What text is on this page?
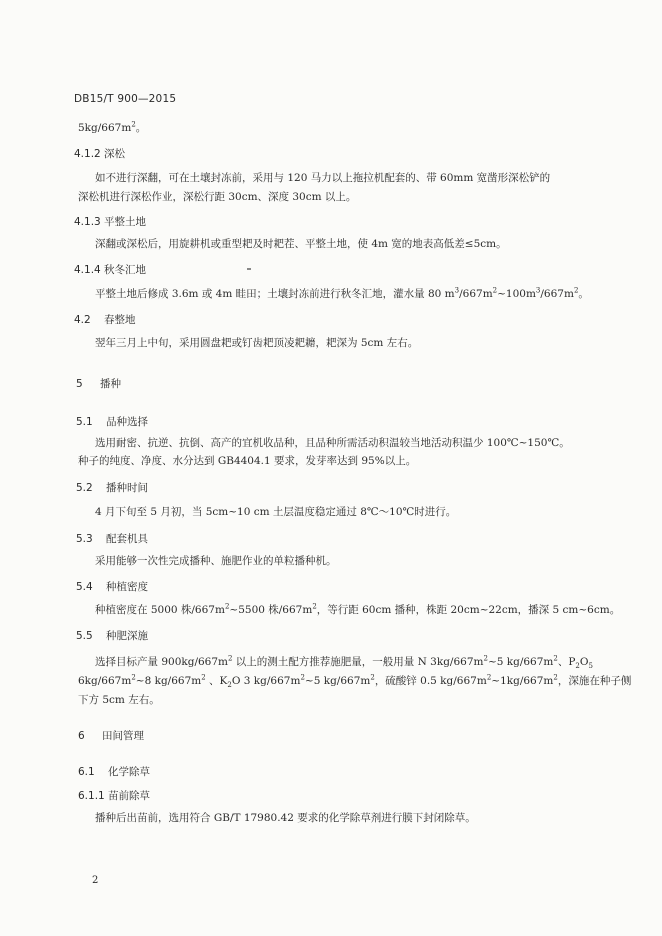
DB15/T 900—2015
$5kg/667m^2$。
4.1.2 深松
如不进行深翻，可在土壤封冻前，采用与 120 马力以上拖拉机配套的、带 60mm 宽凿形深松铲的
深松机进行深松作业，深松行距 30cm、深度 30cm 以上。
4.1.3 平整土地
深翻或深松后，用旋耕机或重型耙及时耙茬、平整土地，使 4m 宽的地表高低差≤5cm。
4.1.4 秋冬汇地
平整土地后修成 3.6m 或 4m 畦田；土壤封冻前进行秋冬汇地，灌水量 80 $m^3/667m^2\sim 100m^3/667m^2$。
4.2 春整地
翌年三月上中旬，采用圆盘耙或钉齿耙顶凌耙耱，耙深为 5cm 左右。
5 播种
5.1 品种选择
选用耐密、抗逆、抗倒、高产的宜机收品种，且品种所需活动积温较当地活动积温少 100℃~150℃。
种子的纯度、净度、水分达到 GB4404.1 要求，发芽率达到 95%以上。
5.2 播种时间
4 月下旬至 5 月初，当 5cm~10 cm 土层温度稳定通过 8℃～10℃时进行。
5.3 配套机具
采用能够一次性完成播种、施肥作业的单粒播种机。
5.4 种植密度
种植密度在 5000 株$/667m^2\sim 5500$ 株$/667m^2$，等行距 60cm 播种，株距 20cm~22cm，播深 5 cm~6cm。
5.5 种肥深施
选择目标产量 $900kg/667m^2$ 以上的测土配方推荐施肥量，一般用量 N $3kg/667m^2\sim 5$ $kg/667m^2$、$P_2O_5$
$6kg/667m^2\sim 8$ $kg/667m^2$ 、$K_2O$ 3 $kg/667m^2\sim 5$ $kg/667m^2$，硫酸锌 0.5 $kg/667m^2\sim 1kg/667m^2$，深施在种子侧
下方 5cm 左右。
6 田间管理
6.1 化学除草
6.1.1 苗前除草
播种后出苗前，选用符合 GB/T 17980.42 要求的化学除草剂进行膜下封闭除草。
2
